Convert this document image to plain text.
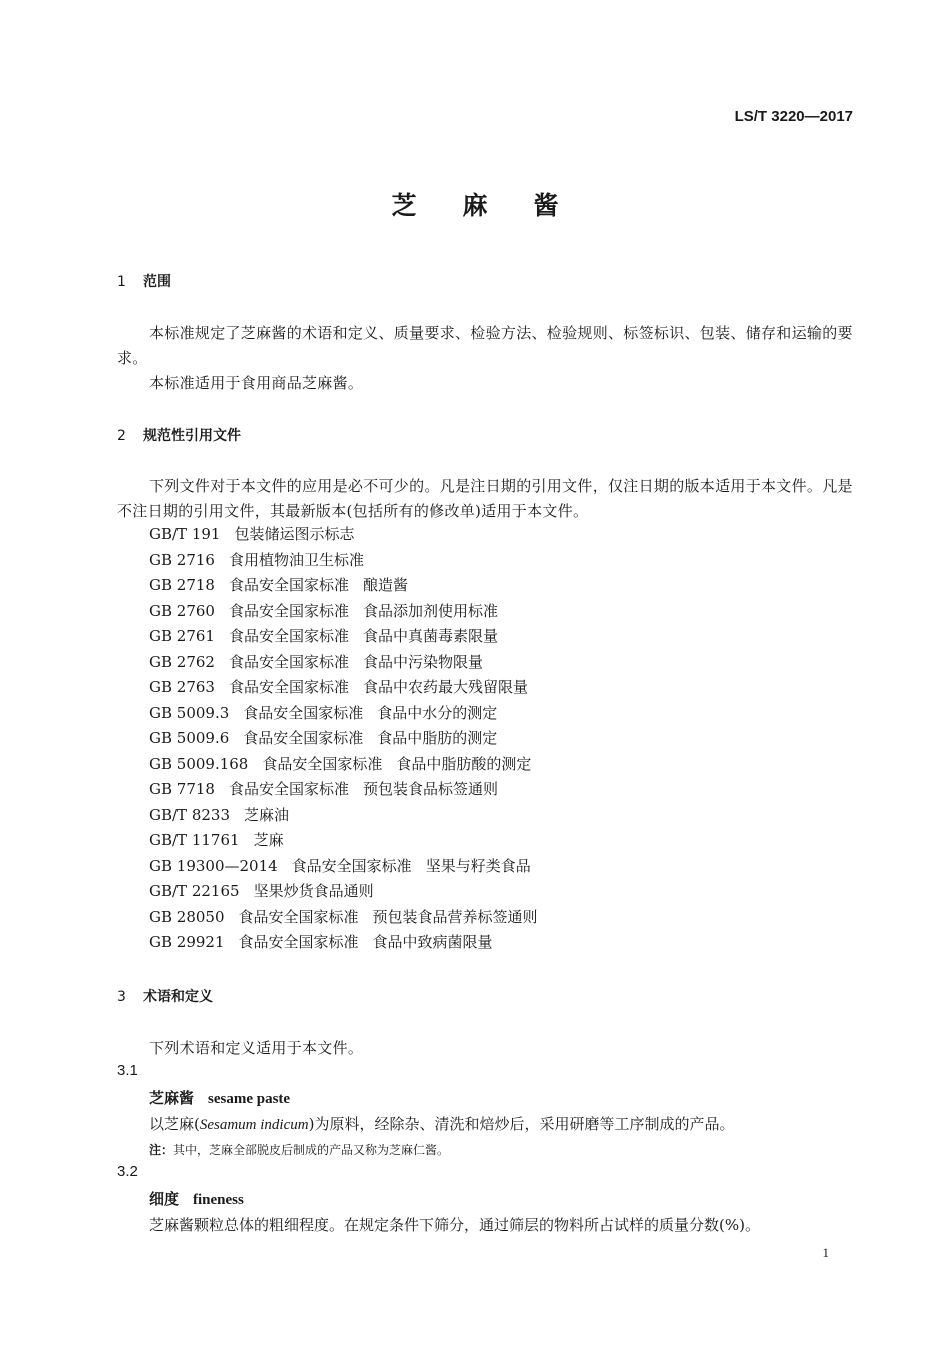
LS/T 3220—2017
芝麻酱
1 范围
本标准规定了芝麻酱的术语和定义、质量要求、检验方法、检验规则、标签标识、包装、储存和运输的要求。
本标准适用于食用商品芝麻酱。
2 规范性引用文件
下列文件对于本文件的应用是必不可少的。凡是注日期的引用文件，仅注日期的版本适用于本文件。凡是不注日期的引用文件，其最新版本(包括所有的修改单)适用于本文件。
GB/T 191 包装储运图示标志
GB 2716 食用植物油卫生标准
GB 2718 食品安全国家标准 酿造酱
GB 2760 食品安全国家标准 食品添加剂使用标准
GB 2761 食品安全国家标准 食品中真菌毒素限量
GB 2762 食品安全国家标准 食品中污染物限量
GB 2763 食品安全国家标准 食品中农药最大残留限量
GB 5009.3 食品安全国家标准 食品中水分的测定
GB 5009.6 食品安全国家标准 食品中脂肪的测定
GB 5009.168 食品安全国家标准 食品中脂肪酸的测定
GB 7718 食品安全国家标准 预包装食品标签通则
GB/T 8233 芝麻油
GB/T 11761 芝麻
GB 19300—2014 食品安全国家标准 坚果与籽类食品
GB/T 22165 坚果炒货食品通则
GB 28050 食品安全国家标准 预包装食品营养标签通则
GB 29921 食品安全国家标准 食品中致病菌限量
3 术语和定义
下列术语和定义适用于本文件。
3.1
芝麻酱 sesame paste
以芝麻(Sesamum indicum)为原料，经除杂、清洗和焙炒后，采用研磨等工序制成的产品。
注：其中，芝麻全部脱皮后制成的产品又称为芝麻仁酱。
3.2
细度 fineness
芝麻酱颗粒总体的粗细程度。在规定条件下筛分，通过筛层的物料所占试样的质量分数(%)。
1
